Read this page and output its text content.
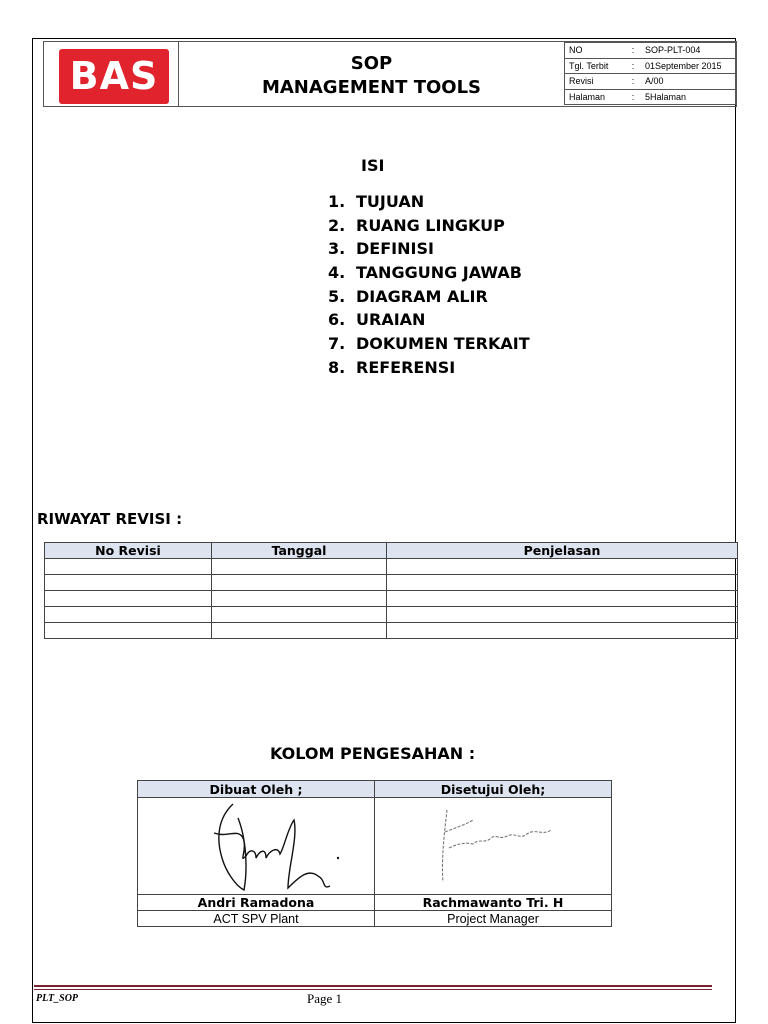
BAS	SOP
MANAGEMENT TOOLS
NO	:	SOP-PLT-004
Tgl. Terbit	:	01September 2015
Revisi	:	A/00
Halaman	:	5Halaman
ISI
1. TUJUAN
2. RUANG LINGKUP
3. DEFINISI
4. TANGGUNG JAWAB
5. DIAGRAM ALIR
6. URAIAN
7. DOKUMEN TERKAIT
8. REFERENSI
RIWAYAT REVISI :
No Revisi	Tanggal	Penjelasan

KOLOM PENGESAHAN :
Dibuat Oleh ;	Disetujui Oleh;

Andri Ramadona	Rachmawanto Tri. H
ACT SPV Plant	Project Manager
PLT_SOP	Page 1
